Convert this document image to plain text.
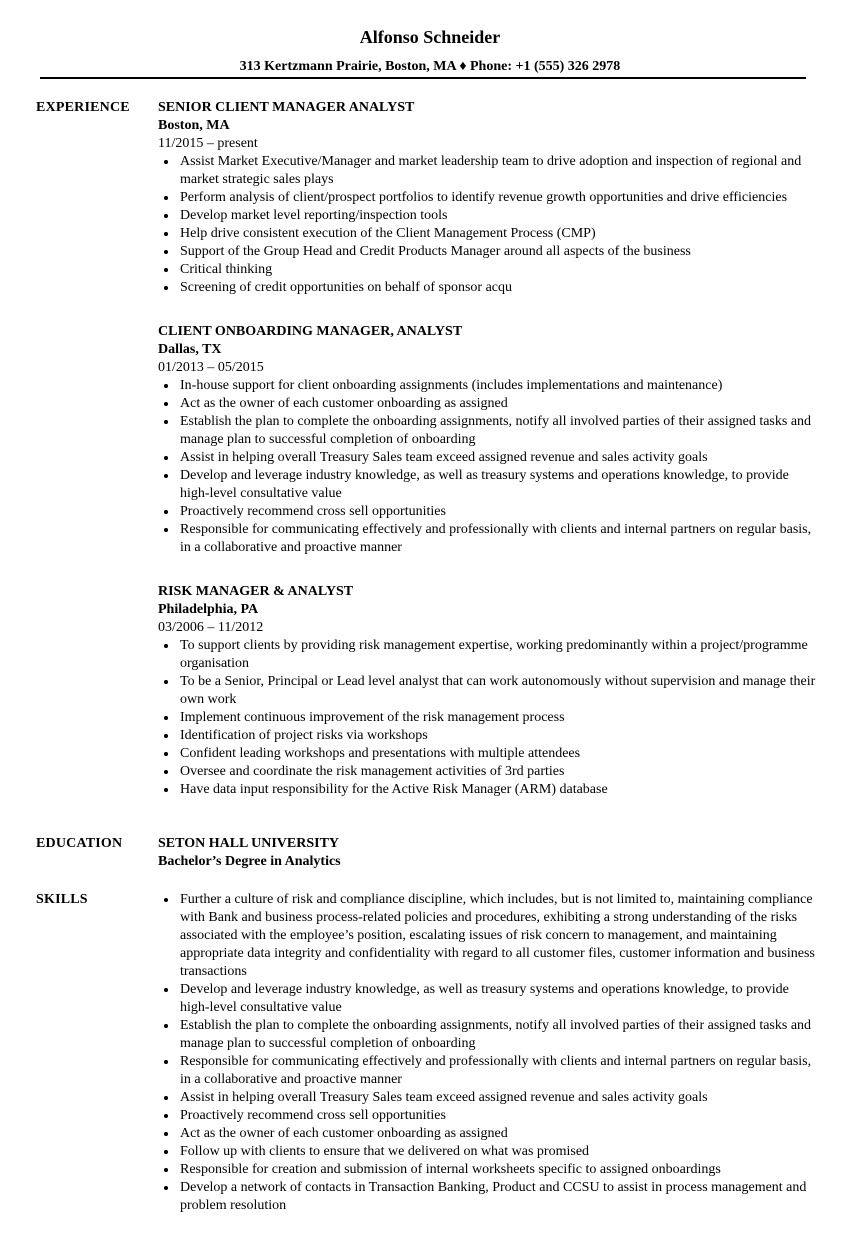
Alfonso Schneider
313 Kertzmann Prairie, Boston, MA ♦ Phone: +1 (555) 326 2978
EXPERIENCE SENIOR CLIENT MANAGER ANALYST
Boston, MA
11/2015 – present
Assist Market Executive/Manager and market leadership team to drive adoption and inspection of regional and market strategic sales plays
Perform analysis of client/prospect portfolios to identify revenue growth opportunities and drive efficiencies
Develop market level reporting/inspection tools
Help drive consistent execution of the Client Management Process (CMP)
Support of the Group Head and Credit Products Manager around all aspects of the business
Critical thinking
Screening of credit opportunities on behalf of sponsor acqu
CLIENT ONBOARDING MANAGER, ANALYST
Dallas, TX
01/2013 – 05/2015
In-house support for client onboarding assignments (includes implementations and maintenance)
Act as the owner of each customer onboarding as assigned
Establish the plan to complete the onboarding assignments, notify all involved parties of their assigned tasks and manage plan to successful completion of onboarding
Assist in helping overall Treasury Sales team exceed assigned revenue and sales activity goals
Develop and leverage industry knowledge, as well as treasury systems and operations knowledge, to provide high-level consultative value
Proactively recommend cross sell opportunities
Responsible for communicating effectively and professionally with clients and internal partners on regular basis, in a collaborative and proactive manner
RISK MANAGER & ANALYST
Philadelphia, PA
03/2006 – 11/2012
To support clients by providing risk management expertise, working predominantly within a project/programme organisation
To be a Senior, Principal or Lead level analyst that can work autonomously without supervision and manage their own work
Implement continuous improvement of the risk management process
Identification of project risks via workshops
Confident leading workshops and presentations with multiple attendees
Oversee and coordinate the risk management activities of 3rd parties
Have data input responsibility for the Active Risk Manager (ARM) database
EDUCATION	SETON HALL UNIVERSITY
Bachelor’s Degree in Analytics
SKILLS	Further a culture of risk and compliance discipline, which includes, but is not limited to, maintaining compliance with Bank and business process-related policies and procedures, exhibiting a strong understanding of the risks associated with the employee’s position, escalating issues of risk concern to management, and maintaining appropriate data integrity and confidentiality with regard to all customer files, customer information and business transactions
Develop and leverage industry knowledge, as well as treasury systems and operations knowledge, to provide high-level consultative value
Establish the plan to complete the onboarding assignments, notify all involved parties of their assigned tasks and manage plan to successful completion of onboarding
Responsible for communicating effectively and professionally with clients and internal partners on regular basis, in a collaborative and proactive manner
Assist in helping overall Treasury Sales team exceed assigned revenue and sales activity goals
Proactively recommend cross sell opportunities
Act as the owner of each customer onboarding as assigned
Follow up with clients to ensure that we delivered on what was promised
Responsible for creation and submission of internal worksheets specific to assigned onboardings
Develop a network of contacts in Transaction Banking, Product and CCSU to assist in process management and problem resolution
